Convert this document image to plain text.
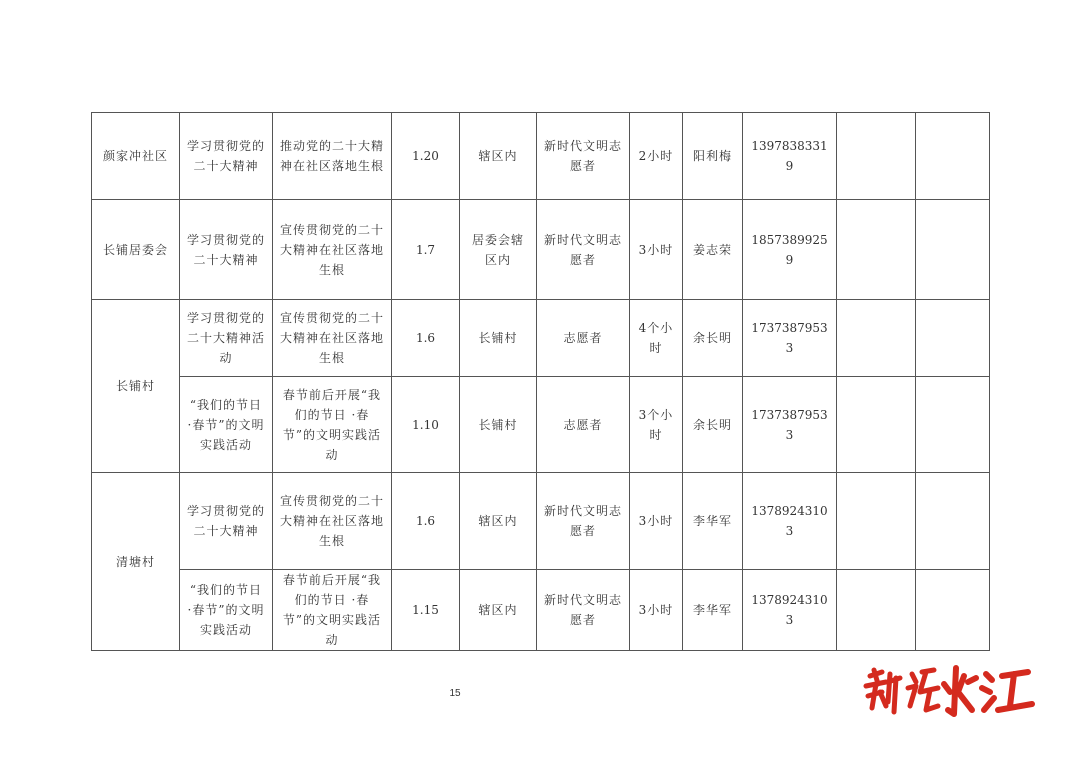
颜家冲社区	学习贯彻党的二十大精神	推动党的二十大精神在社区落地生根	1.20	辖区内	新时代文明志愿者	2小时	阳利梅	13978383319		
长铺居委会	学习贯彻党的二十大精神	宣传贯彻党的二十大精神在社区落地生根	1.7	居委会辖区内	新时代文明志愿者	3小时	姜志荣	18573899259		
长铺村	学习贯彻党的二十大精神活动	宣传贯彻党的二十大精神在社区落地生根	1.6	长铺村	志愿者	4个小时	余长明	17373879533		
	“我们的节日 ·春节”的文明实践活动	春节前后开展“我们的节日 ·春节”的文明实践活动	1.10	长铺村	志愿者	3个小时	余长明	17373879533		
清塘村	学习贯彻党的二十大精神	宣传贯彻党的二十大精神在社区落地生根	1.6	辖区内	新时代文明志愿者	3小时	李华军	13789243103		
	“我们的节日 ·春节”的文明实践活动	春节前后开展“我们的节日 ·春节”的文明实践活动	1.15	辖区内	新时代文明志愿者	3小时	李华军	13789243103		
15
